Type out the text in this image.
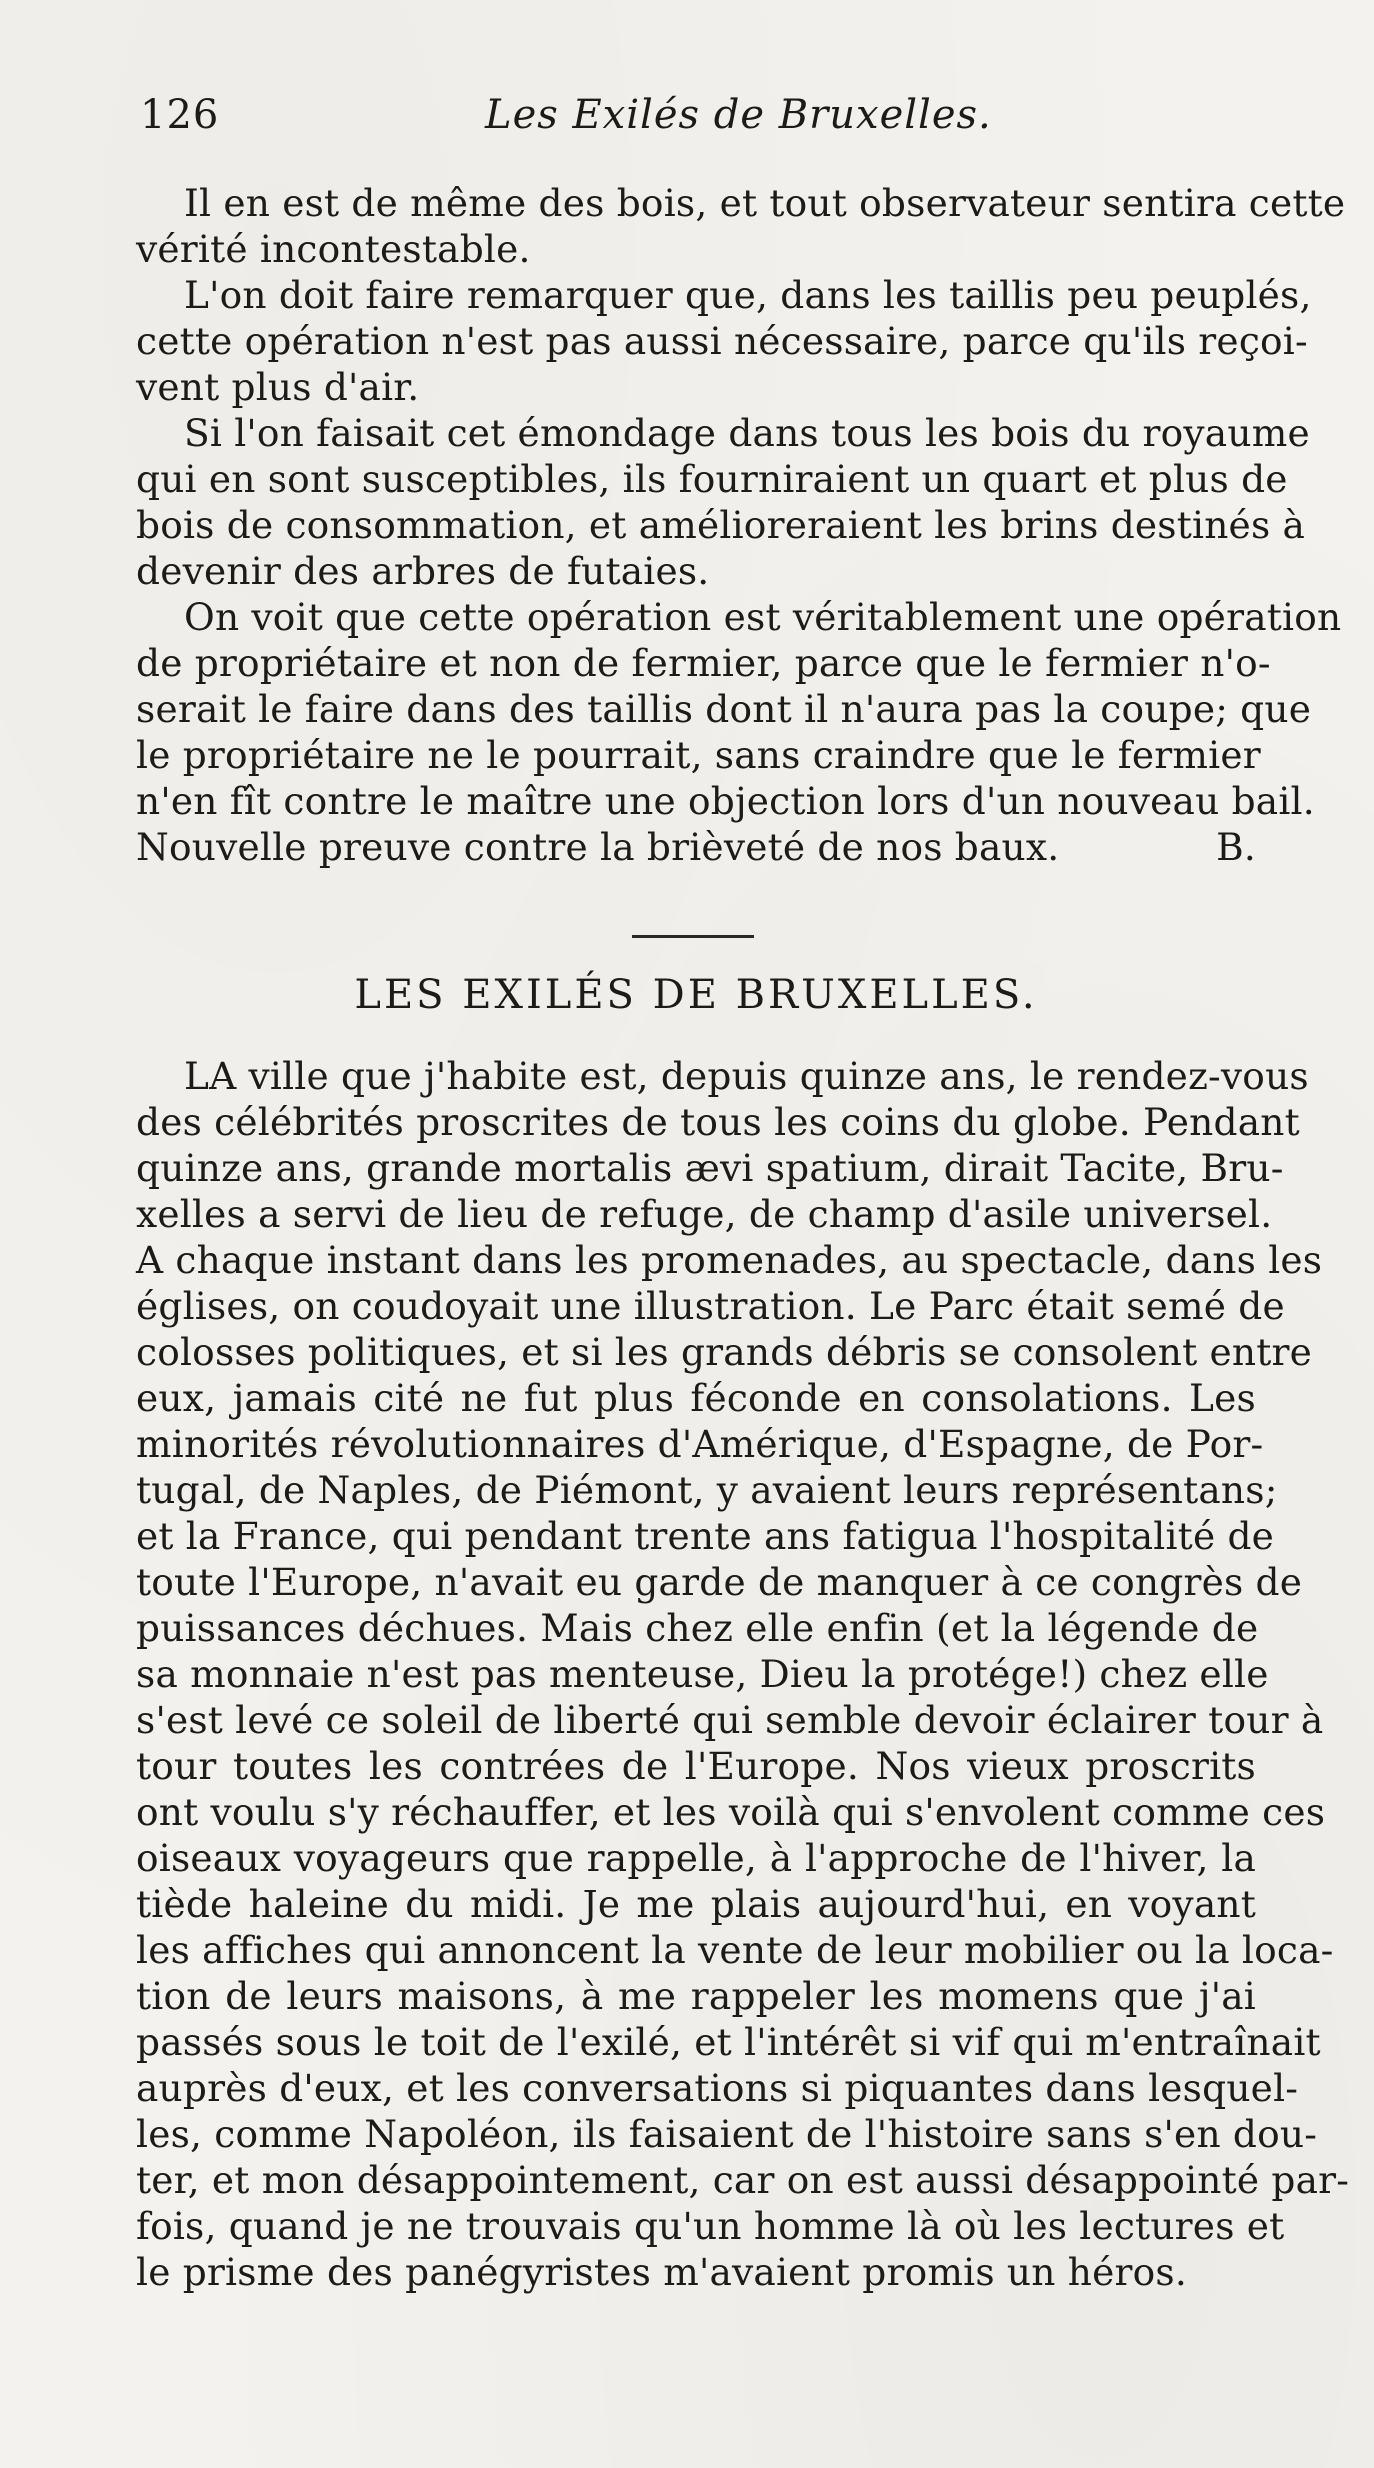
126	Les Exilés de Bruxelles.
Il en est de même des bois, et tout observateur sentira cette
vérité incontestable.
L'on doit faire remarquer que, dans les taillis peu peuplés,
cette opération n'est pas aussi nécessaire, parce qu'ils reçoi-
vent plus d'air.
Si l'on faisait cet émondage dans tous les bois du royaume
qui en sont susceptibles, ils fourniraient un quart et plus de
bois de consommation, et amélioreraient les brins destinés à
devenir des arbres de futaies.
On voit que cette opération est véritablement une opération
de propriétaire et non de fermier, parce que le fermier n'o-
serait le faire dans des taillis dont il n'aura pas la coupe; que
le propriétaire ne le pourrait, sans craindre que le fermier
n'en fît contre le maître une objection lors d'un nouveau bail.
Nouvelle preuve contre la brièveté de nos baux.	B.
LES EXILÉS DE BRUXELLES.
LA ville que j'habite est, depuis quinze ans, le rendez-vous
des célébrités proscrites de tous les coins du globe. Pendant
quinze ans, grande mortalis ævi spatium, dirait Tacite, Bru-
xelles a servi de lieu de refuge, de champ d'asile universel.
A chaque instant dans les promenades, au spectacle, dans les
églises, on coudoyait une illustration. Le Parc était semé de
colosses politiques, et si les grands débris se consolent entre
eux, jamais cité ne fut plus féconde en consolations. Les
minorités révolutionnaires d'Amérique, d'Espagne, de Por-
tugal, de Naples, de Piémont, y avaient leurs représentans;
et la France, qui pendant trente ans fatigua l'hospitalité de
toute l'Europe, n'avait eu garde de manquer à ce congrès de
puissances déchues. Mais chez elle enfin (et la légende de
sa monnaie n'est pas menteuse, Dieu la protége!) chez elle
s'est levé ce soleil de liberté qui semble devoir éclairer tour à
tour toutes les contrées de l'Europe. Nos vieux proscrits
ont voulu s'y réchauffer, et les voilà qui s'envolent comme ces
oiseaux voyageurs que rappelle, à l'approche de l'hiver, la
tiède haleine du midi. Je me plais aujourd'hui, en voyant
les affiches qui annoncent la vente de leur mobilier ou la loca-
tion de leurs maisons, à me rappeler les momens que j'ai
passés sous le toit de l'exilé, et l'intérêt si vif qui m'entraînait
auprès d'eux, et les conversations si piquantes dans lesquel-
les, comme Napoléon, ils faisaient de l'histoire sans s'en dou-
ter, et mon désappointement, car on est aussi désappointé par-
fois, quand je ne trouvais qu'un homme là où les lectures et
le prisme des panégyristes m'avaient promis un héros.
